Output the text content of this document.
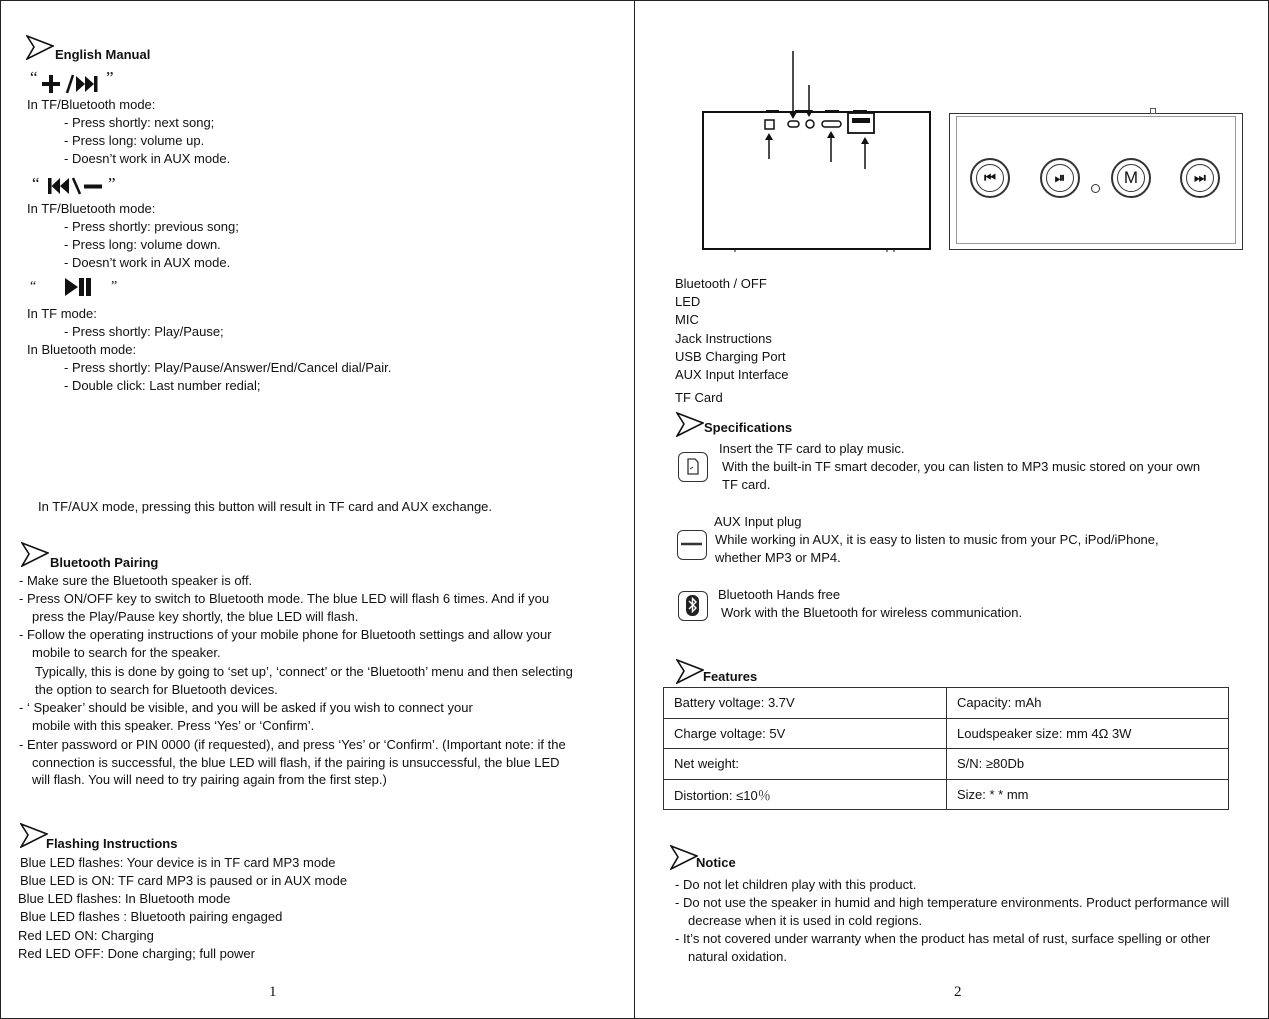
English Manual
“	”
In TF/Bluetooth mode:
- Press shortly: next song;
- Press long: volume up.
- Doesn’t work in AUX mode.
“	”
In TF/Bluetooth mode:
- Press shortly: previous song;
- Press long: volume down.
- Doesn’t work in AUX mode.
“	”
In TF mode:
- Press shortly: Play/Pause;
In Bluetooth mode:
- Press shortly: Play/Pause/Answer/End/Cancel dial/Pair.
- Double click: Last number redial;
In TF/AUX mode, pressing this button will result in TF card and AUX exchange.
Bluetooth Pairing
- Make sure the Bluetooth speaker is off.
- Press ON/OFF key to switch to Bluetooth mode. The blue LED will flash 6 times. And if you
press the Play/Pause key shortly, the blue LED will flash.
- Follow the operating instructions of your mobile phone for Bluetooth settings and allow your
mobile to search for the speaker.
Typically, this is done by going to ‘set up’, ‘connect’ or the ‘Bluetooth’ menu and then selecting
the option to search for Bluetooth devices.
- ‘ Speaker’ should be visible, and you will be asked if you wish to connect your
mobile with this speaker. Press ‘Yes’ or ‘Confirm’.
- Enter password or PIN 0000 (if requested), and press ‘Yes’ or ‘Confirm’. (Important note: if the
connection is successful, the blue LED will flash, if the pairing is unsuccessful, the blue LED
will flash. You will need to try pairing again from the first step.)
Flashing Instructions
Blue LED flashes: Your device is in TF card MP3 mode
Blue LED is ON: TF card MP3 is paused or in AUX mode
Blue LED flashes: In Bluetooth mode
Blue LED flashes : Bluetooth pairing engaged
Red LED ON: Charging
Red LED OFF: Done charging; full power
1
⏮	⏯	M	⏭
Bluetooth / OFF
LED
MIC
Jack Instructions
USB Charging Port
AUX Input Interface
TF Card
Specifications
Insert the TF card to play music.
With the built-in TF smart decoder, you can listen to MP3 music stored on your own
TF card.
AUX Input plug
While working in AUX, it is easy to listen to music from your PC, iPod/iPhone,
whether MP3 or MP4.
Bluetooth Hands free
Work with the Bluetooth for wireless communication.
Features
Battery voltage: 3.7V	Capacity: mAh
Charge voltage: 5V	Loudspeaker size: mm 4Ω 3W
Net weight:	S/N: ≥80Db
Distortion: ≤10％	Size: * * mm
Notice
- Do not let children play with this product.
- Do not use the speaker in humid and high temperature environments. Product performance will
decrease when it is used in cold regions.
- It’s not covered under warranty when the product has metal of rust, surface spelling or other
natural oxidation.
2
